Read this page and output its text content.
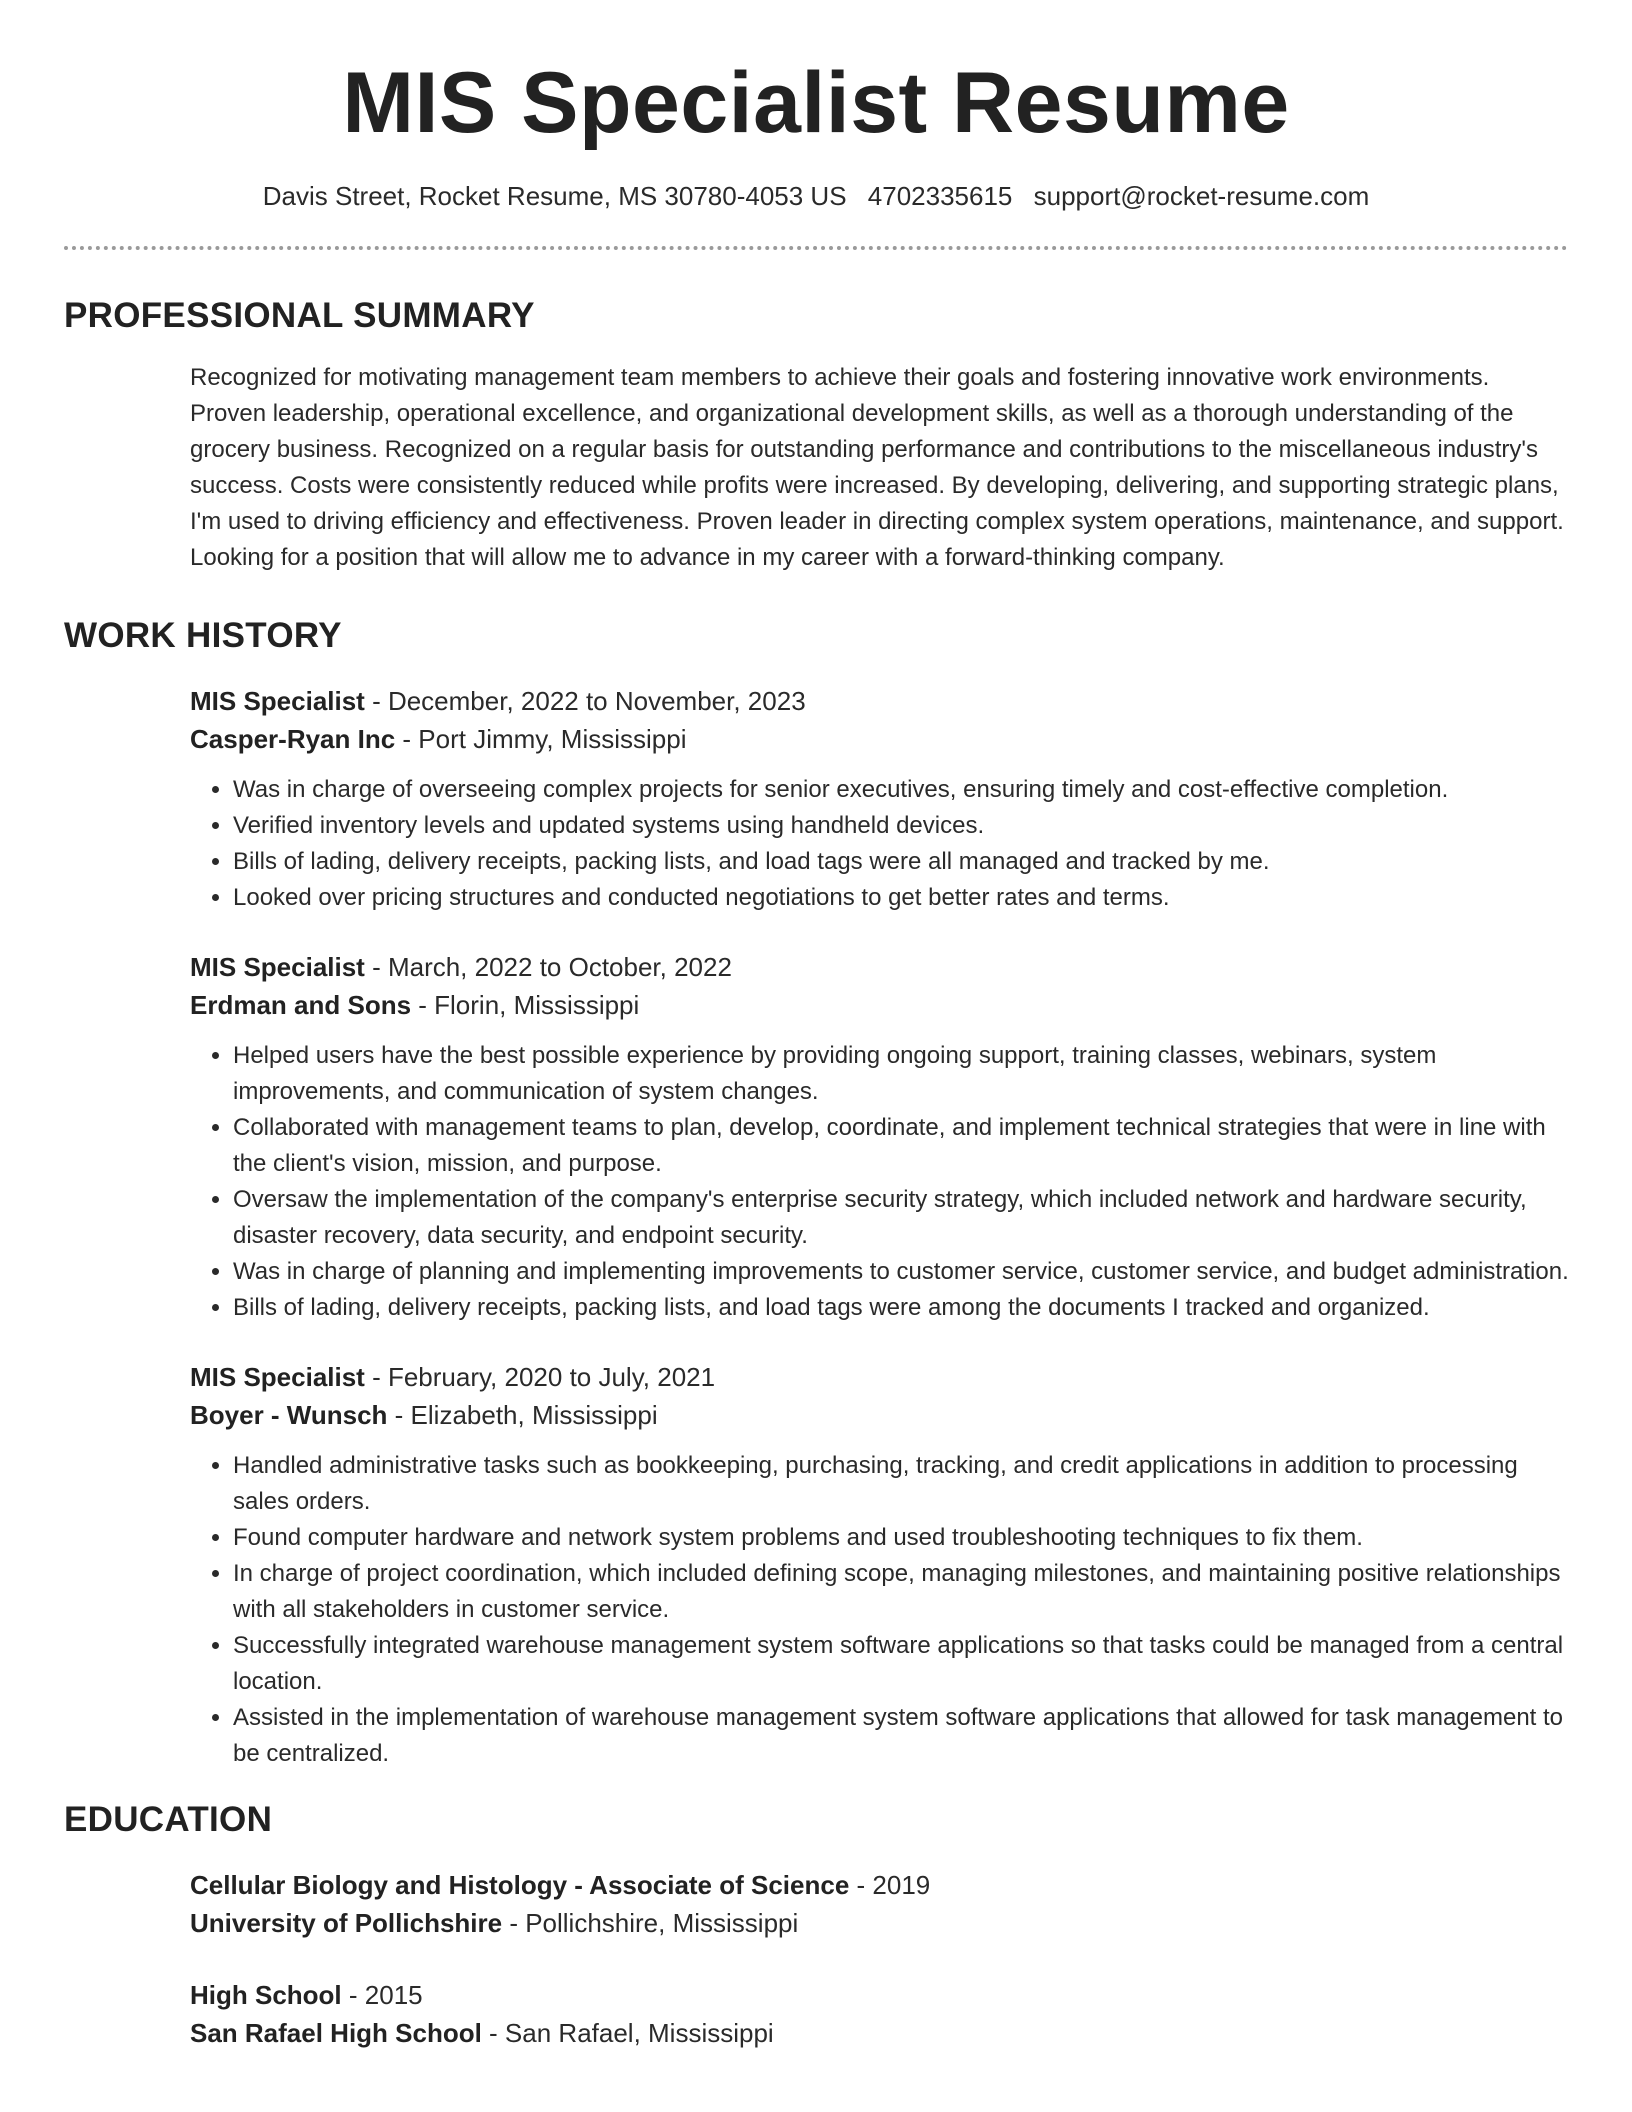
MIS Specialist Resume
Davis Street, Rocket Resume, MS 30780-4053 US 4702335615 support@rocket-resume.com
PROFESSIONAL SUMMARY
Recognized for motivating management team members to achieve their goals and fostering innovative work environments. Proven leadership, operational excellence, and organizational development skills, as well as a thorough understanding of the grocery business. Recognized on a regular basis for outstanding performance and contributions to the miscellaneous industry's success. Costs were consistently reduced while profits were increased. By developing, delivering, and supporting strategic plans, I'm used to driving efficiency and effectiveness. Proven leader in directing complex system operations, maintenance, and support. Looking for a position that will allow me to advance in my career with a forward-thinking company.
WORK HISTORY
MIS Specialist - December, 2022 to November, 2023
Casper-Ryan Inc - Port Jimmy, Mississippi
• Was in charge of overseeing complex projects for senior executives, ensuring timely and cost-effective completion.
• Verified inventory levels and updated systems using handheld devices.
• Bills of lading, delivery receipts, packing lists, and load tags were all managed and tracked by me.
• Looked over pricing structures and conducted negotiations to get better rates and terms.
MIS Specialist - March, 2022 to October, 2022
Erdman and Sons - Florin, Mississippi
• Helped users have the best possible experience by providing ongoing support, training classes, webinars, system improvements, and communication of system changes.
• Collaborated with management teams to plan, develop, coordinate, and implement technical strategies that were in line with the client's vision, mission, and purpose.
• Oversaw the implementation of the company's enterprise security strategy, which included network and hardware security, disaster recovery, data security, and endpoint security.
• Was in charge of planning and implementing improvements to customer service, customer service, and budget administration.
• Bills of lading, delivery receipts, packing lists, and load tags were among the documents I tracked and organized.
MIS Specialist - February, 2020 to July, 2021
Boyer - Wunsch - Elizabeth, Mississippi
• Handled administrative tasks such as bookkeeping, purchasing, tracking, and credit applications in addition to processing sales orders.
• Found computer hardware and network system problems and used troubleshooting techniques to fix them.
• In charge of project coordination, which included defining scope, managing milestones, and maintaining positive relationships with all stakeholders in customer service.
• Successfully integrated warehouse management system software applications so that tasks could be managed from a central location.
• Assisted in the implementation of warehouse management system software applications that allowed for task management to be centralized.
EDUCATION
Cellular Biology and Histology - Associate of Science - 2019
University of Pollichshire - Pollichshire, Mississippi
High School - 2015
San Rafael High School - San Rafael, Mississippi
